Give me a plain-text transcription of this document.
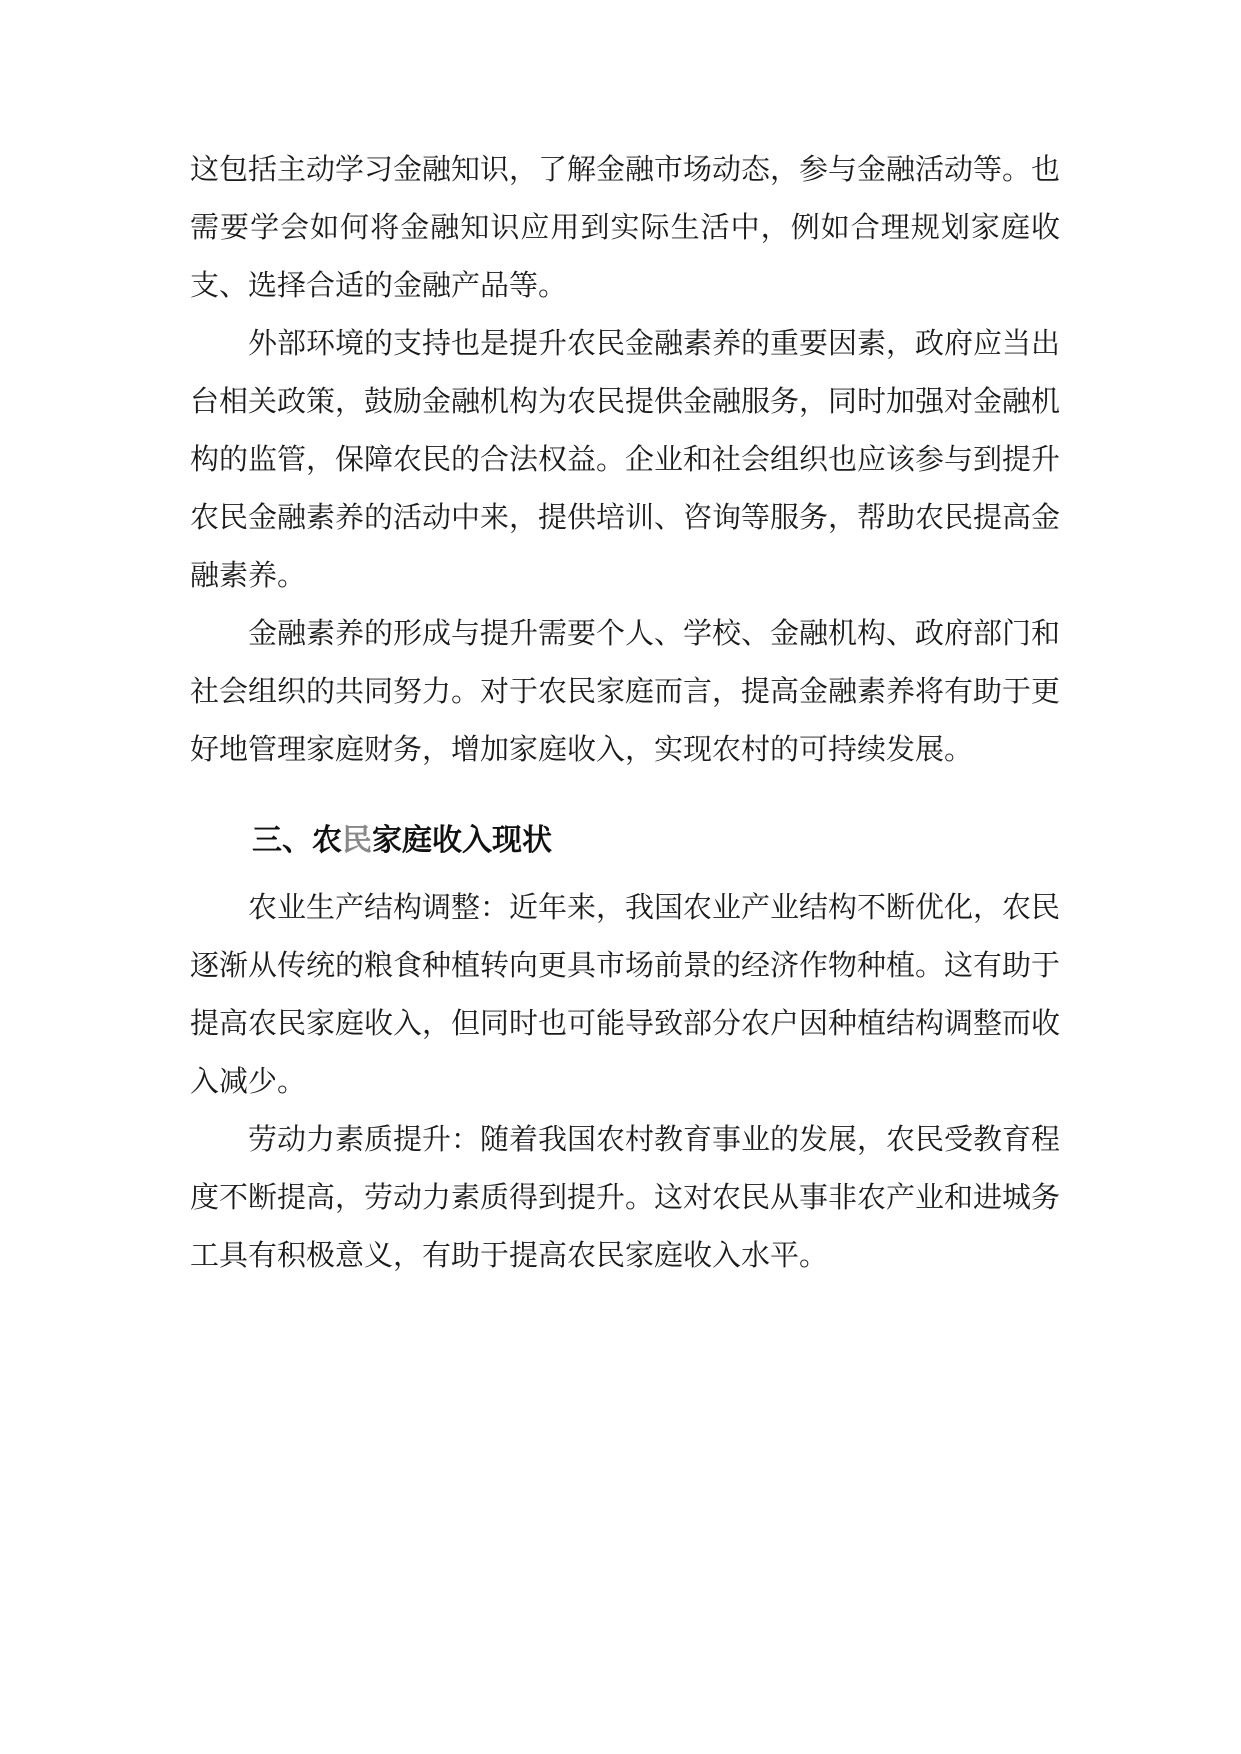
这包括主动学习金融知识，了解金融市场动态，参与金融活动等。也需要学会如何将金融知识应用到实际生活中，例如合理规划家庭收支、选择合适的金融产品等。

外部环境的支持也是提升农民金融素养的重要因素，政府应当出台相关政策，鼓励金融机构为农民提供金融服务，同时加强对金融机构的监管，保障农民的合法权益。企业和社会组织也应该参与到提升农民金融素养的活动中来，提供培训、咨询等服务，帮助农民提高金融素养。

金融素养的形成与提升需要个人、学校、金融机构、政府部门和社会组织的共同努力。对于农民家庭而言，提高金融素养将有助于更好地管理家庭财务，增加家庭收入，实现农村的可持续发展。

三、农民家庭收入现状

农业生产结构调整：近年来，我国农业产业结构不断优化，农民逐渐从传统的粮食种植转向更具市场前景的经济作物种植。这有助于提高农民家庭收入，但同时也可能导致部分农户因种植结构调整而收入减少。

劳动力素质提升：随着我国农村教育事业的发展，农民受教育程度不断提高，劳动力素质得到提升。这对农民从事非农产业和进城务工具有积极意义，有助于提高农民家庭收入水平。
